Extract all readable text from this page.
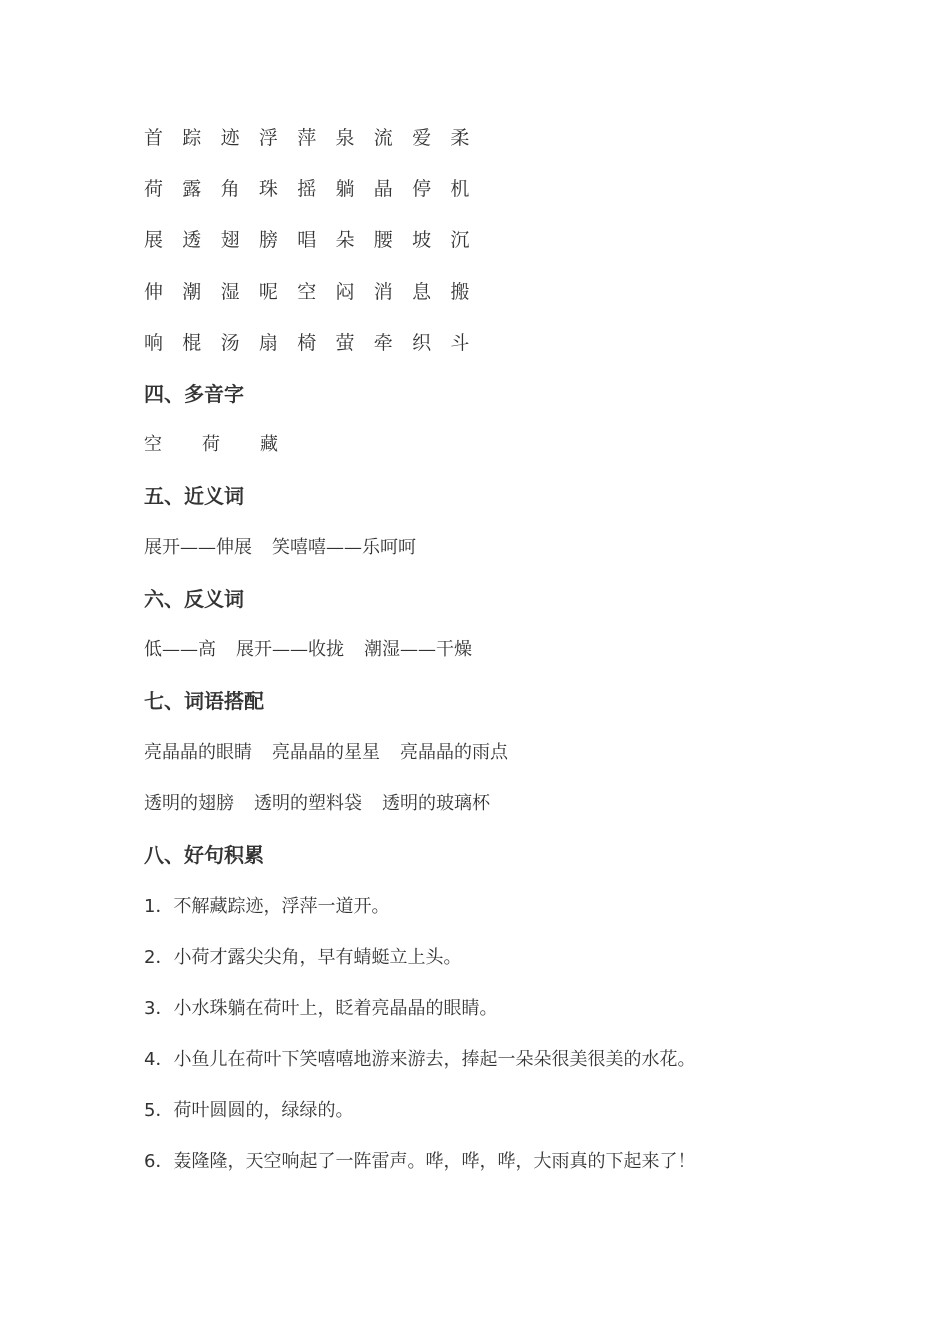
首	踪	迹	浮	萍	泉	流	爱	柔
荷	露	角	珠	摇	躺	晶	停	机
展	透	翅	膀	唱	朵	腰	坡	沉
伸	潮	湿	呢	空	闷	消	息	搬
响	棍	汤	扇	椅	萤	牵	织	斗
四、多音字
空 荷 藏
五、近义词
展开——伸展 笑嘻嘻——乐呵呵
六、反义词
低——高 展开——收拢 潮湿——干燥
七、词语搭配
亮晶晶的眼睛 亮晶晶的星星 亮晶晶的雨点
透明的翅膀 透明的塑料袋 透明的玻璃杯
八、好句积累
1．不解藏踪迹，浮萍一道开。
2．小荷才露尖尖角，早有蜻蜓立上头。
3．小水珠躺在荷叶上，眨着亮晶晶的眼睛。
4．小鱼儿在荷叶下笑嘻嘻地游来游去，捧起一朵朵很美很美的水花。
5．荷叶圆圆的，绿绿的。
6．轰隆隆，天空响起了一阵雷声。哗，哗，哗，大雨真的下起来了！
